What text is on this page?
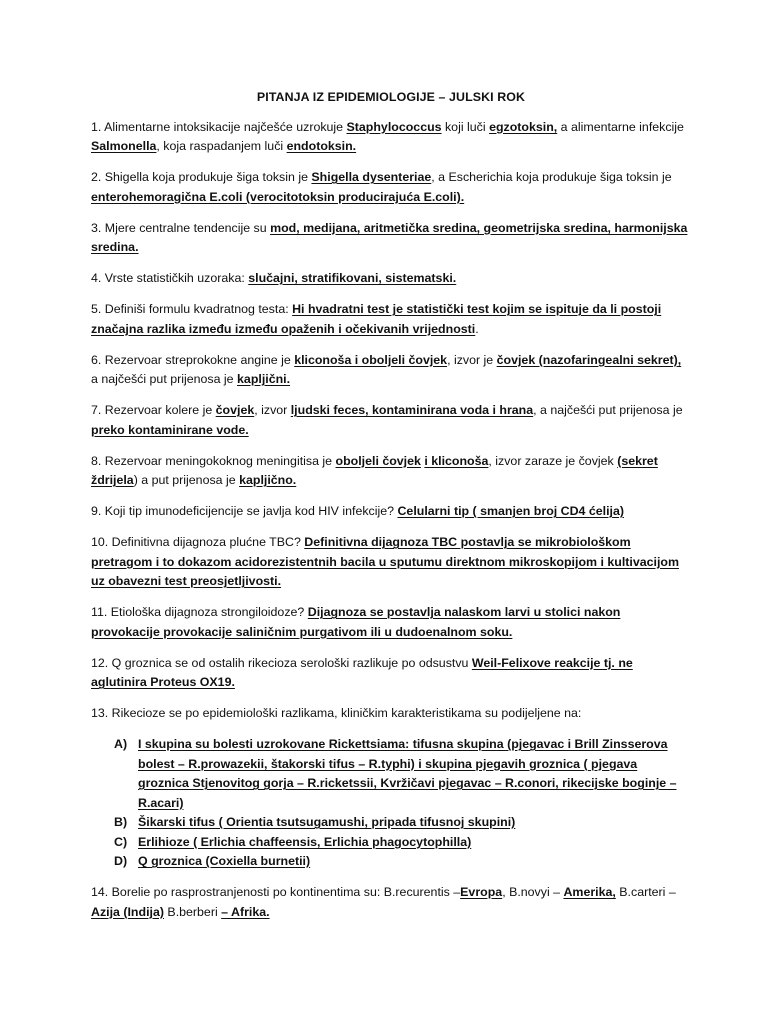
PITANJA IZ EPIDEMIOLOGIJE – JULSKI ROK
1. Alimentarne intoksikacije najčešće uzrokuje Staphylococcus koji luči egzotoksin, a alimentarne infekcije Salmonella, koja raspadanjem luči endotoksin.
2. Shigella koja produkuje šiga toksin je Shigella dysenteriae, a Escherichia koja produkuje šiga toksin je enterohemoragična E.coli (verocitotoksin producirajuća E.coli).
3. Mjere centralne tendencije su mod, medijana, aritmetička sredina, geometrijska sredina, harmonijska sredina.
4. Vrste statističkih uzoraka: slučajni, stratifikovani, sistematski.
5. Definiši formulu kvadratnog testa: Hi hvadratni test je statistički test kojim se ispituje da li postoji značajna razlika između između opaženih i očekivanih vrijednosti.
6. Rezervoar streprokokne angine je kliconoša i oboljeli čovjek, izvor je čovjek (nazofaringealni sekret), a najčešći put prijenosa je kapljični.
7. Rezervoar kolere je čovjek, izvor ljudski feces, kontaminirana voda i hrana, a najčešći put prijenosa je preko kontaminirane vode.
8. Rezervoar meningokoknog meningitisa je oboljeli čovjek i kliconoša, izvor zaraze je čovjek (sekret ždrijela) a put prijenosa je kapljično.
9. Koji tip imunodeficijencije se javlja kod HIV infekcije? Celularni tip ( smanjen broj CD4 ćelija)
10. Definitivna dijagnoza plućne TBC? Definitivna dijagnoza TBC postavlja se mikrobiološkom pretragom i to dokazom acidorezistentnih bacila u sputumu direktnom mikroskopijom i kultivacijom uz obavezni test preosjetljivosti.
11. Etiološka dijagnoza strongiloidoze? Dijagnoza se postavlja nalaskom larvi u stolici nakon provokacije provokacije saliničnim purgativom ili u dudoenalnom soku.
12. Q groznica se od ostalih rikecioza serološki razlikuje po odsustvu Weil-Felixove reakcije tj. ne aglutinira Proteus OX19.
13. Rikecioze se po epidemiološki razlikama, kliničkim karakteristikama su podijeljene na:
A) I skupina su bolesti uzrokovane Rickettsiama: tifusna skupina (pjegavac i Brill Zinsserova bolest – R.prowazekii, štakorski tifus – R.typhi) i skupina pjegavih groznica ( pjegava groznica Stjenovitog gorja – R.ricketssii, Kvržičavi pjegavac – R.conori, rikecijske boginje – R.acari)
B) Šikarski tifus ( Orientia tsutsugamushi, pripada tifusnoj skupini)
C) Erlihioze ( Erlichia chaffeensis, Erlichia phagocytophilla)
D) Q groznica (Coxiella burnetii)
14. Borelie po rasprostranjenosti po kontinentima su: B.recurentis –Evropa, B.novyi – Amerika, B.carteri – Azija (Indija) B.berberi – Afrika.
